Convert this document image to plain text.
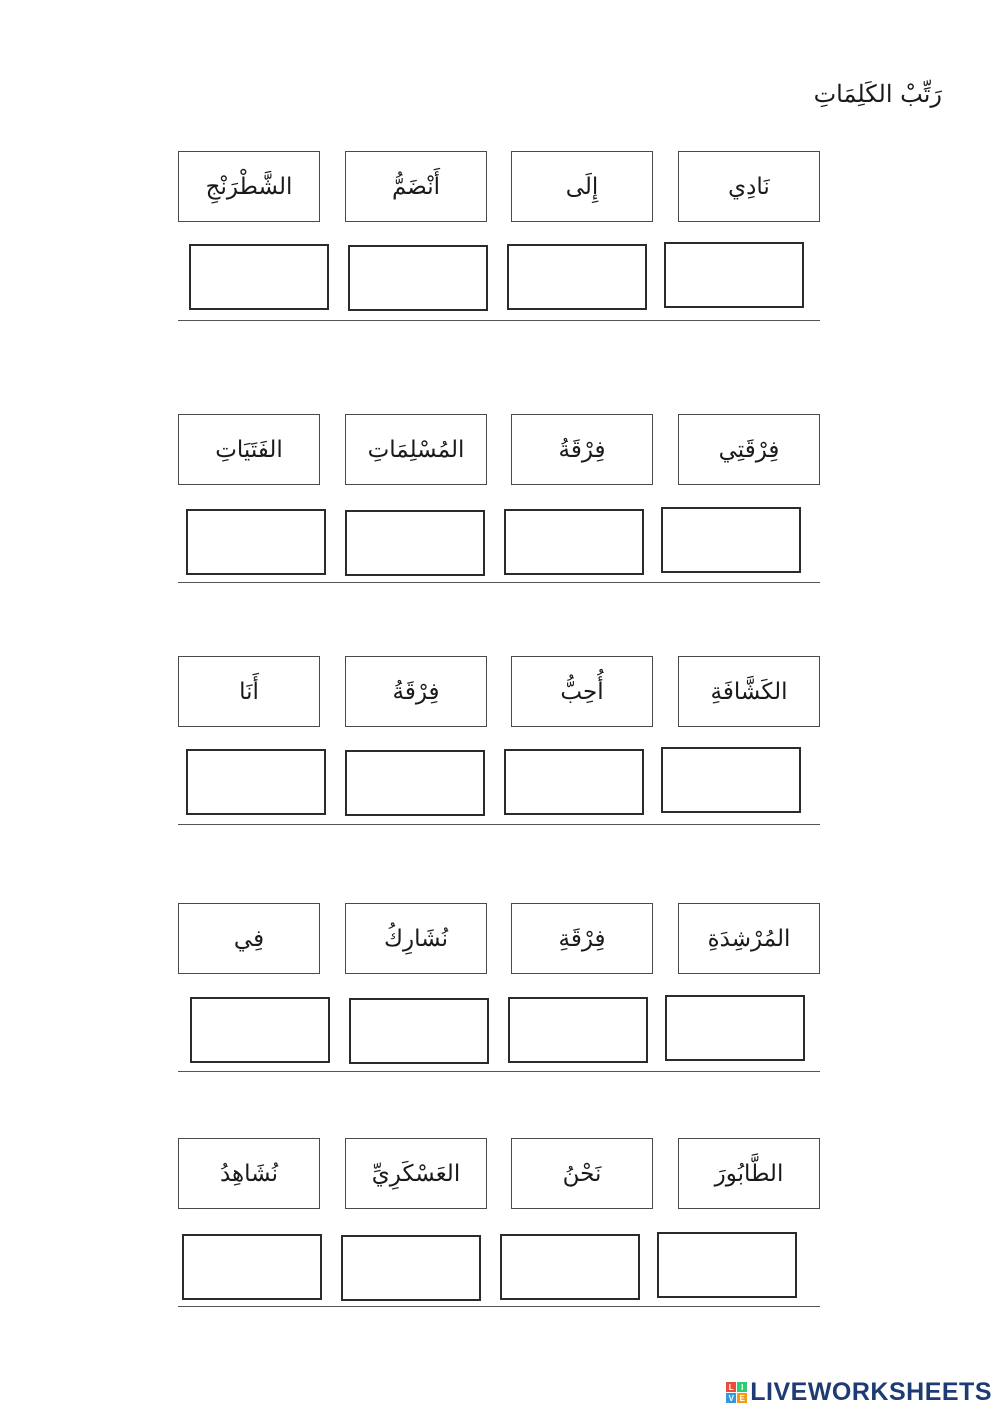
رَتِّبْ الكَلِمَاتِ
نَادِي
إِلَى
أَنْضَمُّ
الشَّطْرَنْجِ
فِرْقَتِي
فِرْقَةُ
المُسْلِمَاتِ
الفَتَيَاتِ
الكَشَّافَةِ
أُحِبُّ
فِرْقَةُ
أَنَا
المُرْشِدَةِ
فِرْقَةِ
نُشَارِكُ
فِي
الطَّابُورَ
نَحْنُ
العَسْكَرِيِّ
نُشَاهِدُ
L I
V E LIVEWORKSHEETS
